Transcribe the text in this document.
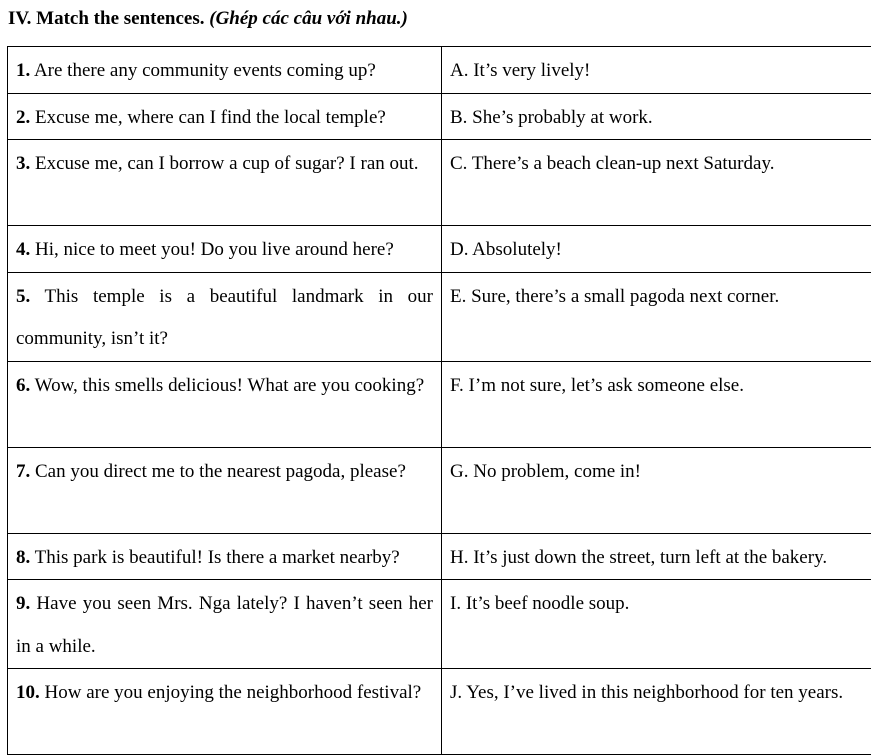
IV. Match the sentences. (Ghép các câu với nhau.)
1. Are there any community events coming up?	A. It’s very lively!
2. Excuse me, where can I find the local temple?	B. She’s probably at work.
3. Excuse me, can I borrow a cup of sugar? I ran out.	C. There’s a beach clean-up next Saturday.
4. Hi, nice to meet you! Do you live around here?	D. Absolutely!
5. This temple is a beautiful landmark in our community, isn’t it?	E. Sure, there’s a small pagoda next corner.
6. Wow, this smells delicious! What are you cooking?	F. I’m not sure, let’s ask someone else.
7. Can you direct me to the nearest pagoda, please?	G. No problem, come in!
8. This park is beautiful! Is there a market nearby?	H. It’s just down the street, turn left at the bakery.
9. Have you seen Mrs. Nga lately? I haven’t seen her in a while.	I. It’s beef noodle soup.
10. How are you enjoying the neighborhood festival?	J. Yes, I’ve lived in this neighborhood for ten years.
